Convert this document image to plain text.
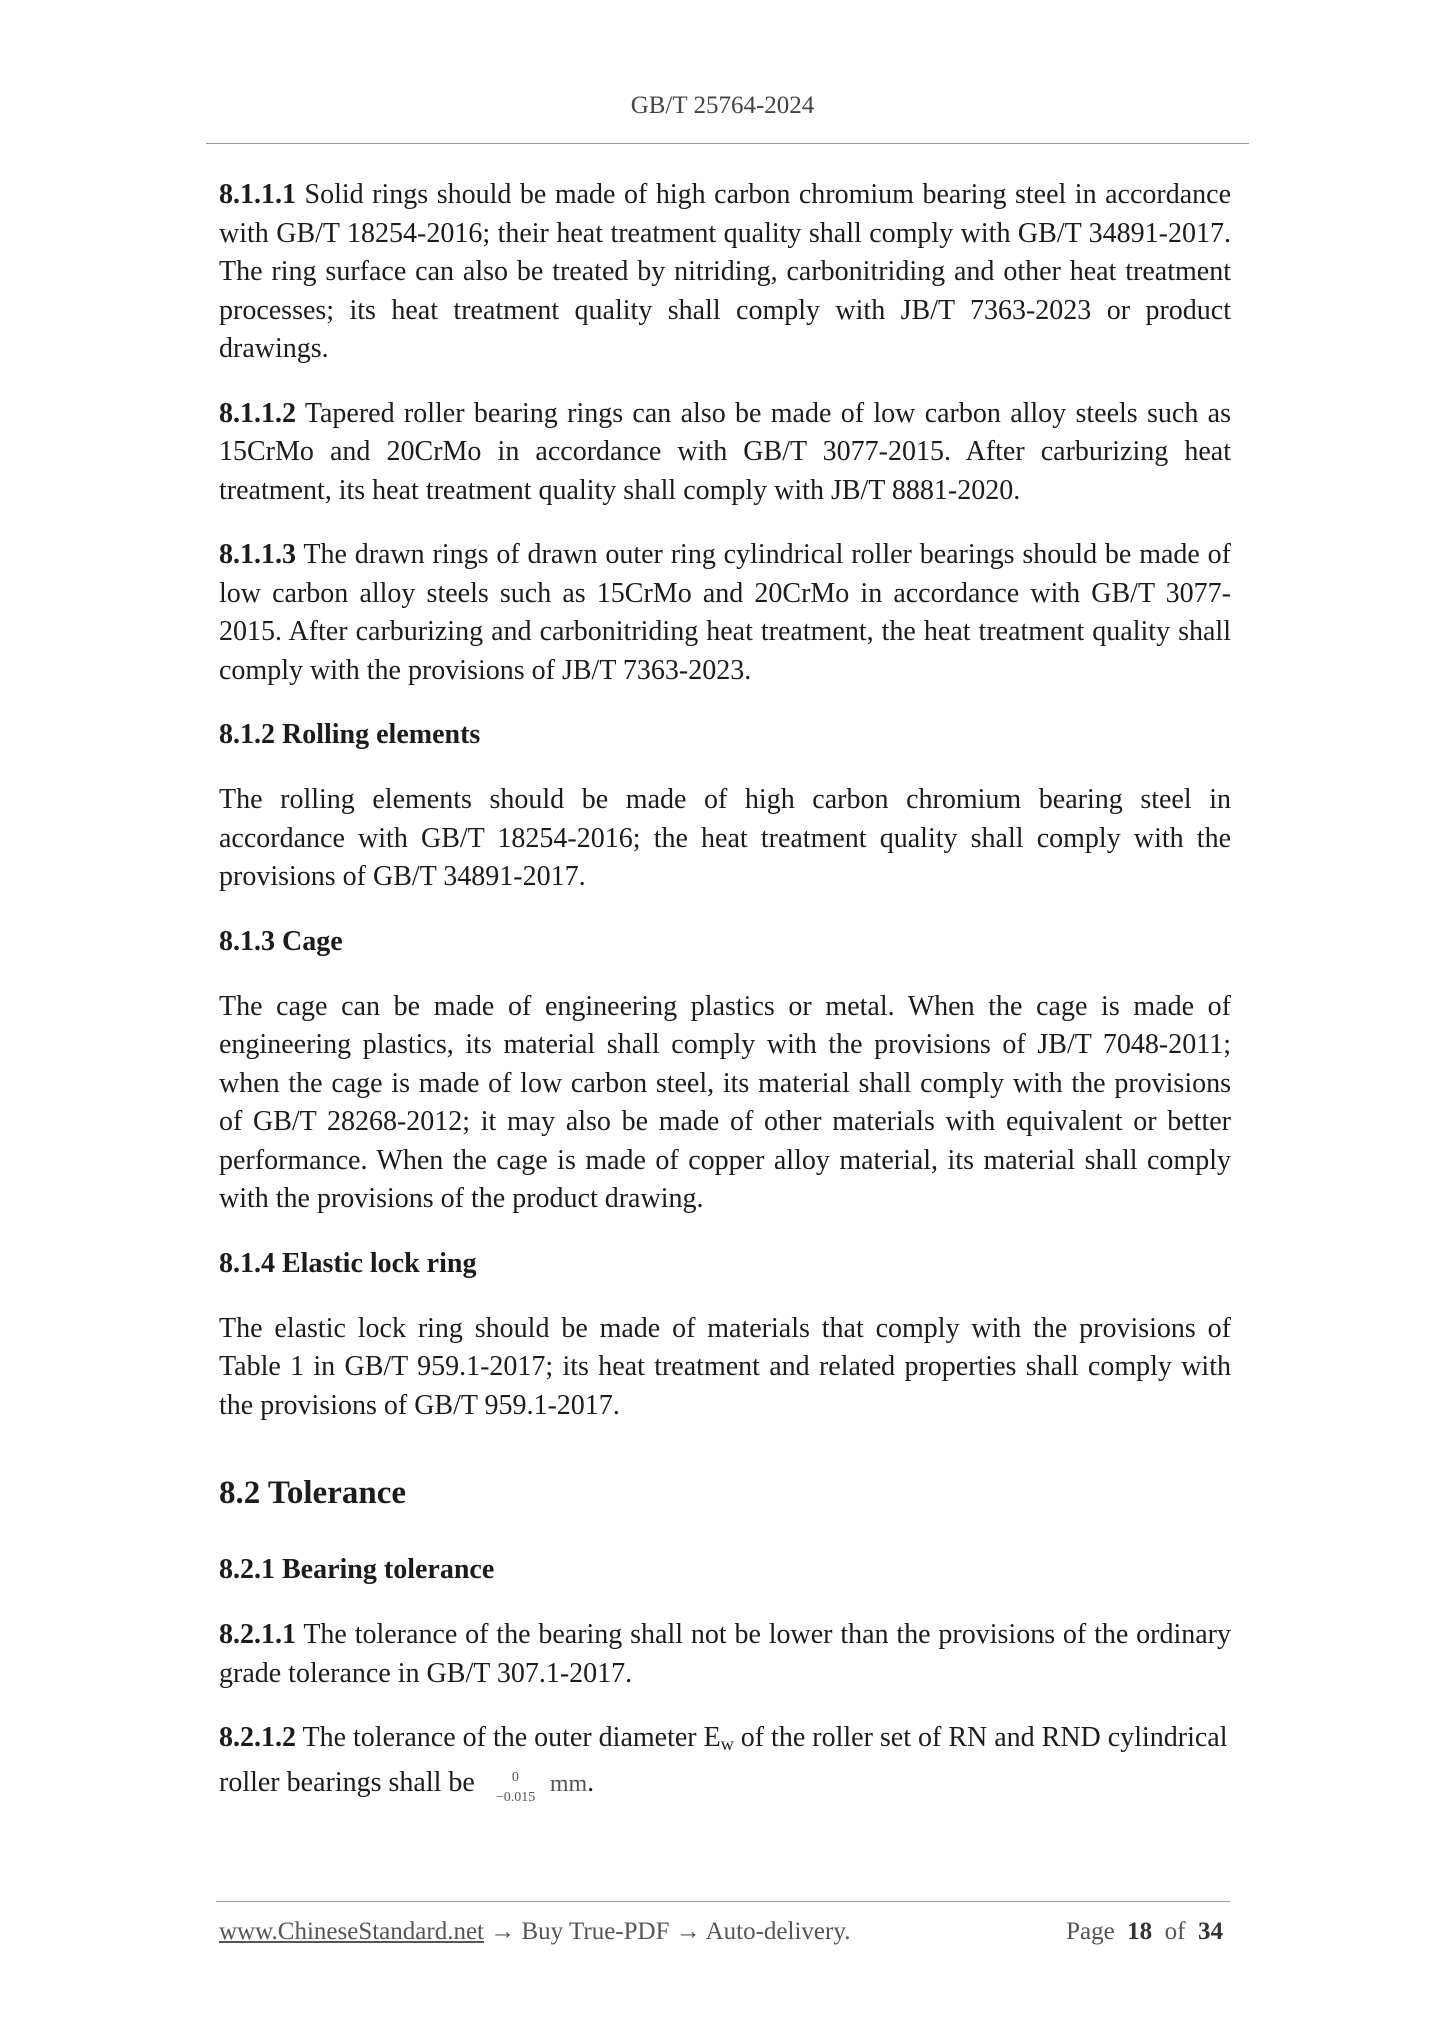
GB/T 25764-2024

8.1.1.1 Solid rings should be made of high carbon chromium bearing steel in accordance with GB/T 18254-2016; their heat treatment quality shall comply with GB/T 34891-2017. The ring surface can also be treated by nitriding, carbonitriding and other heat treatment processes; its heat treatment quality shall comply with JB/T 7363-2023 or product drawings.

8.1.1.2 Tapered roller bearing rings can also be made of low carbon alloy steels such as 15CrMo and 20CrMo in accordance with GB/T 3077-2015. After carburizing heat treatment, its heat treatment quality shall comply with JB/T 8881-2020.

8.1.1.3 The drawn rings of drawn outer ring cylindrical roller bearings should be made of low carbon alloy steels such as 15CrMo and 20CrMo in accordance with GB/T 3077-2015. After carburizing and carbonitriding heat treatment, the heat treatment quality shall comply with the provisions of JB/T 7363-2023.

8.1.2 Rolling elements

The rolling elements should be made of high carbon chromium bearing steel in accordance with GB/T 18254-2016; the heat treatment quality shall comply with the provisions of GB/T 34891-2017.

8.1.3 Cage

The cage can be made of engineering plastics or metal. When the cage is made of engineering plastics, its material shall comply with the provisions of JB/T 7048-2011; when the cage is made of low carbon steel, its material shall comply with the provisions of GB/T 28268-2012; it may also be made of other materials with equivalent or better performance. When the cage is made of copper alloy material, its material shall comply with the provisions of the product drawing.

8.1.4 Elastic lock ring

The elastic lock ring should be made of materials that comply with the provisions of Table 1 in GB/T 959.1-2017; its heat treatment and related properties shall comply with the provisions of GB/T 959.1-2017.

8.2 Tolerance
8.2.1 Bearing tolerance

8.2.1.1 The tolerance of the bearing shall not be lower than the provisions of the ordinary grade tolerance in GB/T 307.1-2017.

8.2.1.2 The tolerance of the outer diameter $E_w$ of the roller set of RN and RND cylindrical roller bearings shall be 0
−0.015
mm.

www.ChineseStandard.net → Buy True-PDF → Auto-delivery.	Page 18 of 34
